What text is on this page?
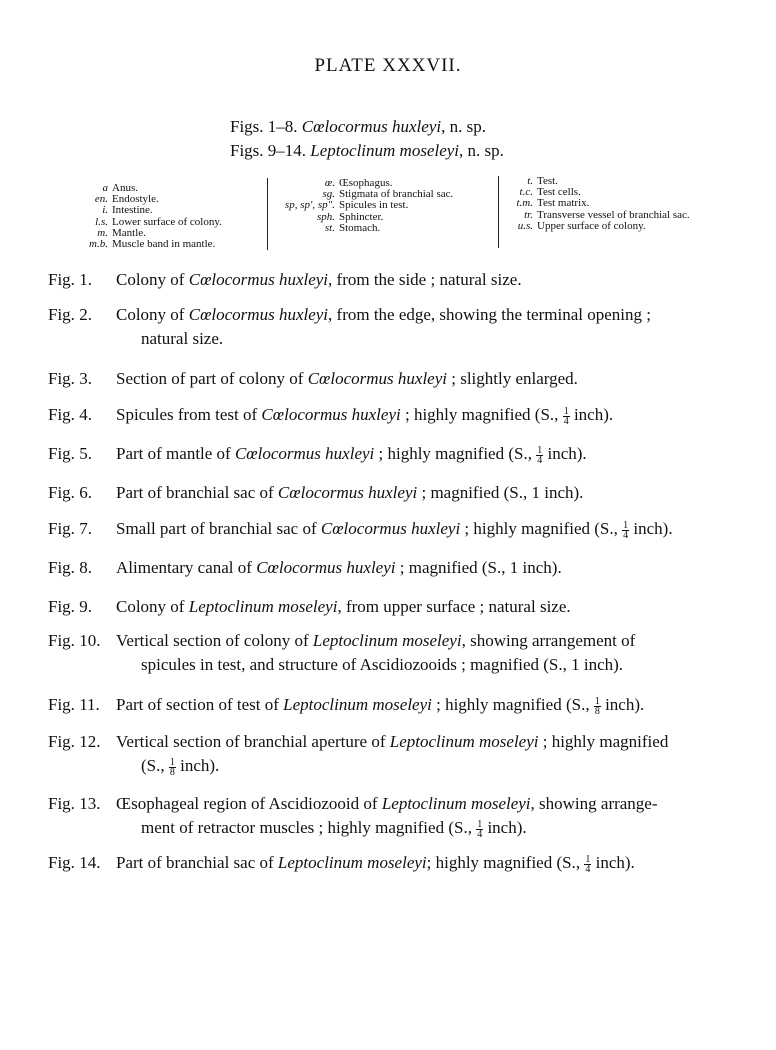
PLATE XXXVII.
Figs. 1–8. Cœlocormus huxleyi, n. sp.
Figs. 9–14. Leptoclinum moseleyi, n. sp.
a Anus.
en. Endostyle.
i. Intestine.
l.s. Lower surface of colony.
m. Mantle.
m.b. Muscle band in mantle.
œ. Œsophagus.
sg. Stigmata of branchial sac.
sp, sp', sp". Spicules in test.
sph. Sphincter.
st. Stomach.
t. Test.
t.c. Test cells.
t.m. Test matrix.
tr. Transverse vessel of branchial sac.
u.s. Upper surface of colony.
Fig. 1. Colony of Cœlocormus huxleyi, from the side ; natural size.
Fig. 2. Colony of Cœlocormus huxleyi, from the edge, showing the terminal opening ;
natural size.
Fig. 3. Section of part of colony of Cœlocormus huxleyi ; slightly enlarged.
Fig. 4. Spicules from test of Cœlocormus huxleyi ; highly magnified (S., $\frac{1}{4}$ inch).
Fig. 5. Part of mantle of Cœlocormus huxleyi ; highly magnified (S., $\frac{1}{4}$ inch).
Fig. 6. Part of branchial sac of Cœlocormus huxleyi ; magnified (S., 1 inch).
Fig. 7. Small part of branchial sac of Cœlocormus huxleyi ; highly magnified (S., $\frac{1}{4}$ inch).
Fig. 8. Alimentary canal of Cœlocormus huxleyi ; magnified (S., 1 inch).
Fig. 9. Colony of Leptoclinum moseleyi, from upper surface ; natural size.
Fig. 10. Vertical section of colony of Leptoclinum moseleyi, showing arrangement of
spicules in test, and structure of Ascidiozooids ; magnified (S., 1 inch).
Fig. 11. Part of section of test of Leptoclinum moseleyi ; highly magnified (S., $\frac{1}{8}$ inch).
Fig. 12. Vertical section of branchial aperture of Leptoclinum moseleyi ; highly magnified
(S., $\frac{1}{8}$ inch).
Fig. 13. Œsophageal region of Ascidiozooid of Leptoclinum moseleyi, showing arrange-
ment of retractor muscles ; highly magnified (S., $\frac{1}{4}$ inch).
Fig. 14. Part of branchial sac of Leptoclinum moseleyi; highly magnified (S., $\frac{1}{4}$ inch).
